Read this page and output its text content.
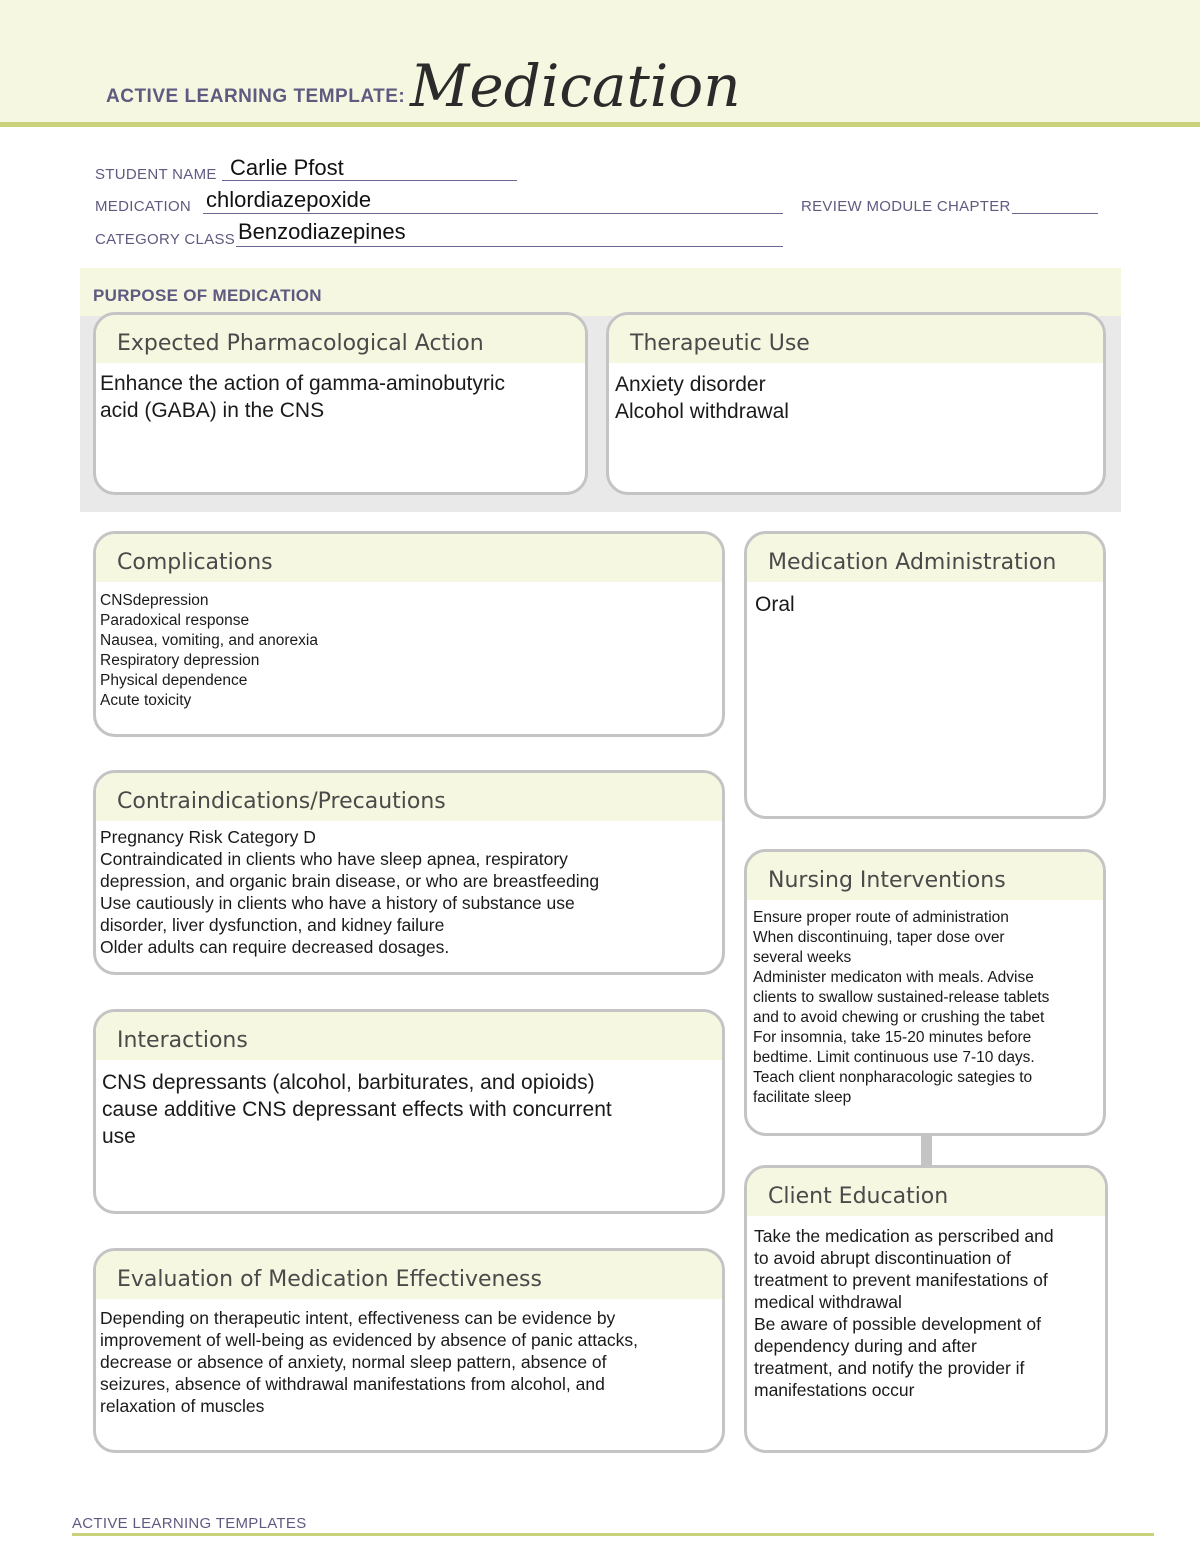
ACTIVE LEARNING TEMPLATE: Medication
STUDENT NAME Carlie Pfost
MEDICATION chlordiazepoxide	REVIEW MODULE CHAPTER
CATEGORY CLASS Benzodiazepines
PURPOSE OF MEDICATION
Expected Pharmacological Action
Enhance the action of gamma-aminobutyric
acid (GABA) in the CNS
Therapeutic Use
Anxiety disorder
Alcohol withdrawal
Complications
CNSdepression
Paradoxical response
Nausea, vomiting, and anorexia
Respiratory depression
Physical dependence
Acute toxicity
Medication Administration
Oral
Contraindications/Precautions
Pregnancy Risk Category D
Contraindicated in clients who have sleep apnea, respiratory
depression, and organic brain disease, or who are breastfeeding
Use cautiously in clients who have a history of substance use
disorder, liver dysfunction, and kidney failure
Older adults can require decreased dosages.
Nursing Interventions
Ensure proper route of administration
When discontinuing, taper dose over
several weeks
Administer medicaton with meals. Advise
clients to swallow sustained-release tablets
and to avoid chewing or crushing the tabet
For insomnia, take 15-20 minutes before
bedtime. Limit continuous use 7-10 days.
Teach client nonpharacologic sategies to
facilitate sleep
Interactions
CNS depressants (alcohol, barbiturates, and opioids)
cause additive CNS depressant effects with concurrent
use
Client Education
Take the medication as perscribed and
to avoid abrupt discontinuation of
treatment to prevent manifestations of
medical withdrawal
Be aware of possible development of
dependency during and after
treatment, and notify the provider if
manifestations occur
Evaluation of Medication Effectiveness
Depending on therapeutic intent, effectiveness can be evidence by
improvement of well-being as evidenced by absence of panic attacks,
decrease or absence of anxiety, normal sleep pattern, absence of
seizures, absence of withdrawal manifestations from alcohol, and
relaxation of muscles
ACTIVE LEARNING TEMPLATES
